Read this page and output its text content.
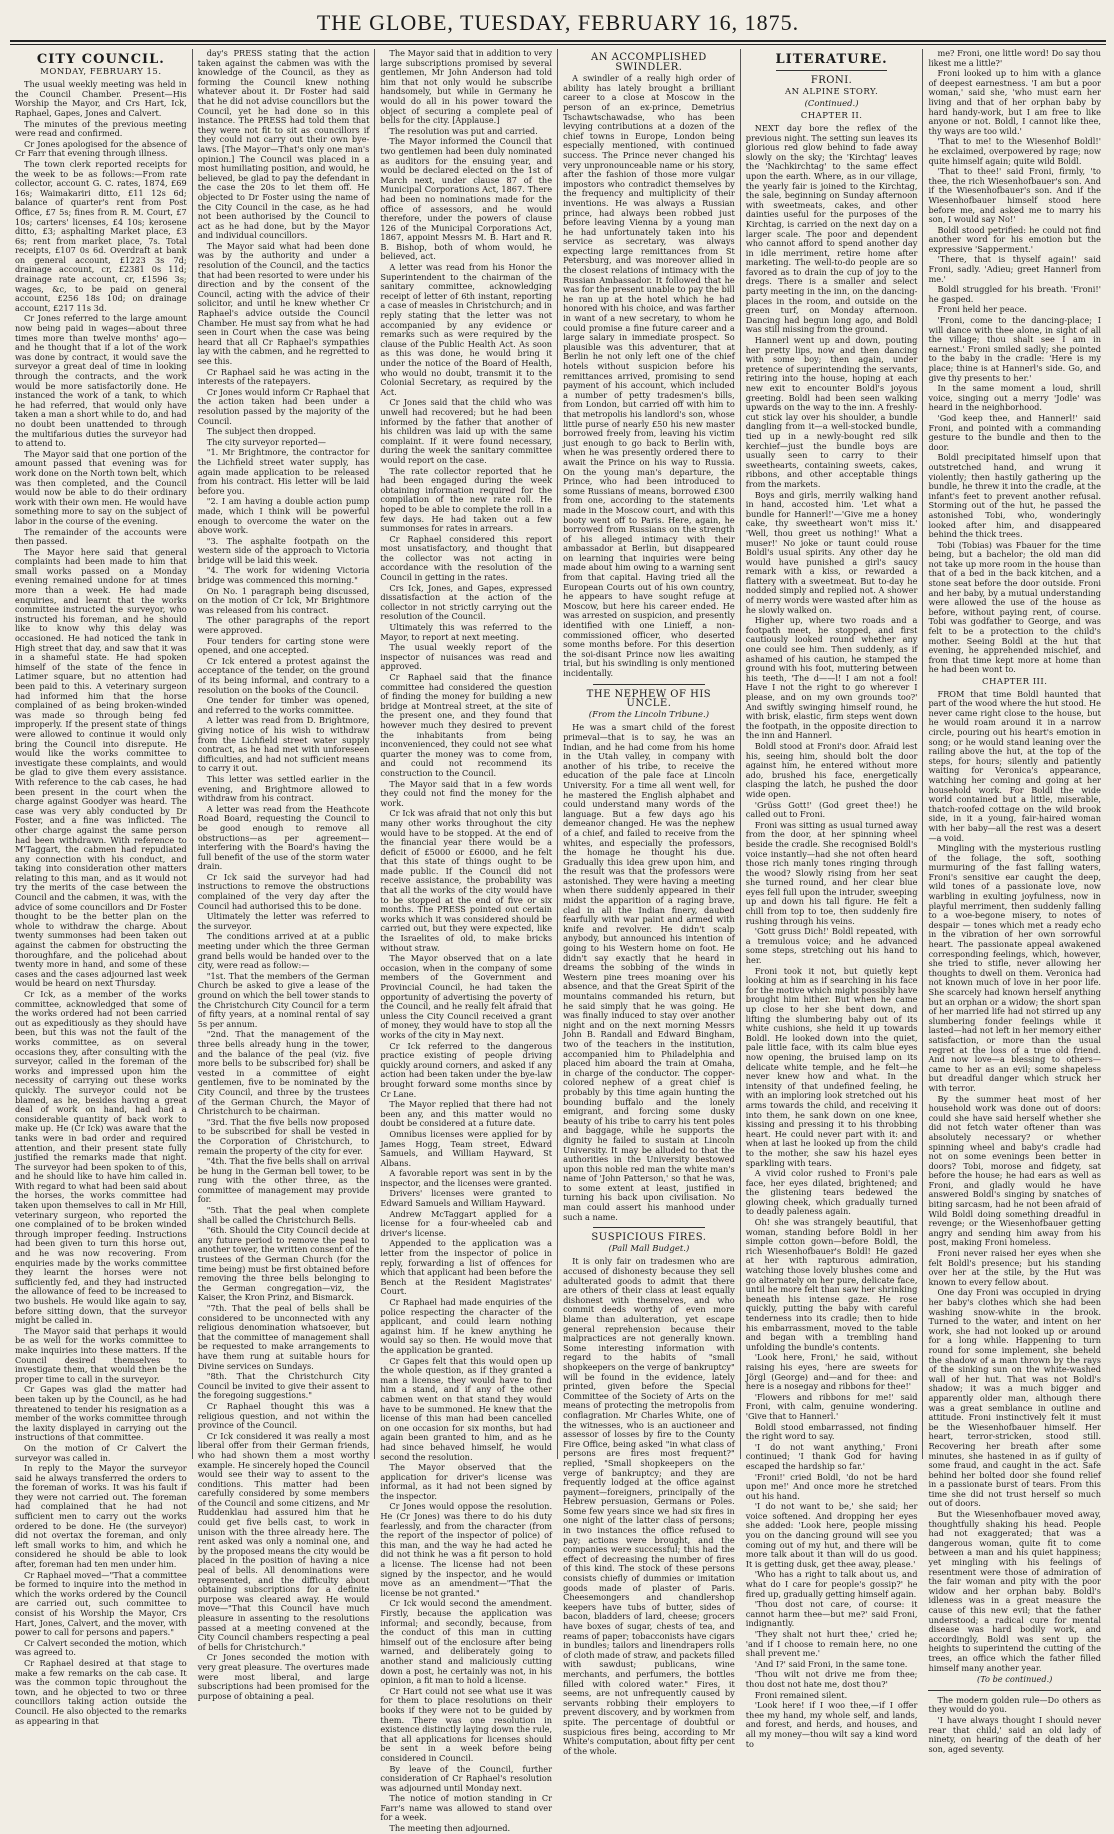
THE GLOBE, TUESDAY, FEBRUARY 16, 1875.
CITY COUNCIL.
MONDAY, FEBRUARY 15.

The usual weekly meeting was held in the Council Chamber. Present—His Worship the Mayor, and Crs Hart, Ick, Raphael, Gapes, Jones and Calvert.

The minutes of the previous meeting were read and confirmed.

Cr Jones apologised for the absence of Cr Farr that evening through illness.

The town clerk reported receipts for the week to be as follows:—From rate collector, account G. C. rates, 1874, £69 16s; Waimakariri ditto, £11 12s 6d; balance of quarter's rent from Post Office, £7 5s; fines from R. M. Court, £7 10s; carters' licenses, £4 10s; kerosene ditto, £3; asphalting Market place, £3 6s; rent from market place, 7s. Total receipts, £107 0s 6d. Overdraft at bank on general account, £1223 3s 7d; drainage account, cr, £2381 0s 11d; drainage rate account, cr, £1596 3s; wages, &c, to be paid on general account, £256 18s 10d; on drainage account, £217 11s 3d.

Cr Jones referred to the large amount now being paid in wages—about three times more than twelve months' ago—and he thought that if a lot of the work was done by contract, it would save the surveyor a great deal of time in looking through the contracts, and the work would be more satisfactorily done. He instanced the work of a tank, to which he had referred, that would only have taken a man a short while to do, and had no doubt been unattended to through the multifarious duties the surveyor had to attend to.

The Mayor said that one portion of the amount passed that evening was for work done on the North town belt, which was then completed, and the Council would now be able to do their ordinary work with their own men. He would have something more to say on the subject of labor in the course of the evening.

The remainder of the accounts were then passed.

The Mayor here said that general complaints had been made to him that small works passed on a Monday evening remained undone for at times more than a week. He had made enquiries, and learnt that the works committee instructed the surveyor, who instructed his foreman, and he should like to know why this delay was occasioned. He had noticed the tank in High street that day, and saw that it was in a shameful state. He had spoken himself of the state of the fence in Latimer square, but no attention had been paid to this. A veterinary surgeon had informed him that the horse complained of as being broken-winded was made so through being fed improperly. If the present state of things were allowed to continue it would only bring the Council into disrepute. He would like the works committee to investigate these complaints, and would be glad to give them every assistance. With reference to the cab cases, he had been present in the court when the charge against Goodyer was heard. The case was very ably conducted by Dr Foster, and a fine was inflicted. The other charge against the same person had been withdrawn. With reference to M'Taggart, the cabmen had repudiated any connection with his conduct, and taking into consideration other matters relating to this man, and as it would not try the merits of the case between the Council and the cabmen, it was, with the advice of some councillors and Dr Foster thought to be the better plan on the whole to withdraw the charge. About twenty summonses had been taken out against the cabmen for obstructing the thoroughfare, and the policehad about twenty more in hand, and some of these cases and the cases adjourned last week would be heard on next Thursday.

Cr Ick, as a member of the works committee, acknowledged that some of the works ordered had not been carried out as expeditiously as they should have been, but this was not the fault of the works committee, as on several occasions they, after consulting with the surveyor, called in the foreman of the works and impressed upon him the necessity of carrying out these works quickly. The surveyor could not be blamed, as he, besides having a great deal of work on hand, had had a considerable quantity of back work to make up. He (Cr Ick) was aware that the tanks were in bad order and required attention, and their present state fully justified the remarks made that night. The surveyor had been spoken to of this, and he should like to have him called in. With regard to what had been said about the horses, the works committee had taken upon themselves to call in Mr Hill, veterinary surgeon, who reported the one complained of to be broken winded through improper feeding. Instructions had been given to turn this horse out, and he was now recovering. From enquiries made by the works committee they learnt the horses were not sufficiently fed, and they had instructed the allowance of feed to be increased to two bushels. He would like again to say, before sitting down, that the surveyor might be called in.

The Mayor said that perhaps it would be as well for the works committee to make inquiries into these matters. If the Council desired themselves to investigate them, that would then be the proper time to call in the surveyor.

Cr Gapes was glad the matter had been taken up by the Council, as he had threatened to tender his resignation as a member of the works committee through the laxity displayed in carrying out the instructions of that committee.

On the motion of Cr Calvert the surveyor was called in.

In reply to the Mayor the surveyor said he always transferred the orders to the foreman of works. It was his fault if they were not carried out. The foreman had complained that he had not sufficient men to carry out the works ordered to be done. He (the surveyor) did not overtax the foreman, and only left small works to him, and which he considered he should be able to look after, foreman had ten men under him.

Cr Raphael moved—"That a committee be formed to inquire into the method in which the works ordered by the Council are carried out, such committee to consist of his Worship the Mayor, Crs Hart, Jones, Calvert, and the mover, with power to call for persons and papers."

Cr Calvert seconded the motion, which was agreed to.

Cr Raphael desired at that stage to make a few remarks on the cab case. It was the common topic throughout the town, and he objected to two or three councillors taking action outside the Council. He also objected to the remarks as appearing in that

day's PRESS stating that the action taken against the cabmen was with the knowledge of the Council, as they as forming the Council knew nothing whatever about it. Dr Foster had said that he did not advise councillors but the Council, yet he had done so in this instance. The PRESS had told them that they were not fit to sit as councillors if they could not carry out their own bye-laws. [The Mayor—That's only one man's opinion.] The Council was placed in a most humiliating position, and would, he believed, be glad to pay the defendant in the case the 20s to let them off. He objected to Dr Foster using the name of the City Council in the case, as he had not been authorised by the Council to act as he had done, but by the Mayor and individual councillors.

The Mayor said what had been done was by the authority and under a resolution of the Council, and the tactics that had been resorted to were under his direction and by the consent of the Council, acting with the advice of their solicitor, and until he knew whether Cr Raphael's advice outside the Council Chamber. He must say from what he had seen in Court when the case was being heard that all Cr Raphael's sympathies lay with the cabmen, and he regretted to see this.

Cr Raphael said he was acting in the interests of the ratepayers.

Cr Jones would inform Cr Raphael that the action taken had been under a resolution passed by the majority of the Council.

The subject then dropped.

The city surveyor reported—

"1. Mr Brightmore, the contractor for the Lichfield street water supply, has again made application to be released from his contract. His letter will be laid before you.

"2. I am having a double action pump made, which I think will be powerful enough to overcome the water on the above work.

"3. The asphalte footpath on the western side of the approach to Victoria bridge will be laid this week.

"4. The work for widening Victoria bridge was commenced this morning."

On No. 1 paragraph being discussed, on the motion of Cr Ick, Mr Brightmore was released from his contract.

The other paragraphs of the report were approved.

Four tenders for carting stone were opened, and one accepted.

Cr Ick entered a protest against the acceptance of the tender, on the ground of its being informal, and contrary to a resolution on the books of the Council.

One tender for timber was opened, and referred to the works committee.

A letter was read from D. Brightmore, giving notice of his wish to withdraw from the Lichfield street water supply contract, as he had met with unforeseen difficulties, and had not sufficient means to carry it out.

This letter was settled earlier in the evening, and Brightmore allowed to withdraw from his contract.

A letter was read from the Heathcote Road Board, requesting the Council to be good enough to remove all obstructions—as per agreement—interfering with the Board's having the full benefit of the use of the storm water drain.

Cr Ick said the surveyor had had instructions to remove the obstructions complained of the very day after the Council had authorised this to be done.

Ultimately the letter was referred to the surveyor.

The conditions arrived at at a public meeting under which the three German grand bells would be handed over to the city, were read as follow:—

"1st. That the members of the German Church be asked to give a lease of the ground on which the bell tower stands to the Christchurch City Council for a term of fifty years, at a nominal rental of say 5s per annum.

"2nd. That the management of the three bells already hung in the tower, and the balance of the peal (viz. five more bells to be subscribed for) shall be vested in a committee of eight gentlemen, five to be nominated by the City Council, and three by the trustees of the German Church, the Mayor of Christchurch to be chairman.

"3rd. That the five bells now proposed to be subscribed for shall be vested in the Corporation of Christchurch, to remain the property of the city for ever.

"4th. That the five bells shall on arrival be hung in the German bell tower, to be rung with the other three, as the committee of management may provide for.

"5th. That the peal when complete shall be called the Christchurch Bells.

"6th. Should the City Council decide at any future period to remove the peal to another tower, the written consent of the trustees of the German Church (for the time being) must be first obtained before removing the three bells belonging to the German congregation—viz, the Kaiser, the Kron Prinz, and Bismarck.

"7th. That the peal of bells shall be considered to be unconnected with any religious denomination whatsoever, but that the committee of management shall be requested to make arrangements to have them rung at suitable hours for Divine services on Sundays.

"8th. That the Christchurch City Council be invited to give their assent to the foregoing suggestions."

Cr Raphael thought this was a religious question, and not within the province of the Council.

Cr Ick considered it was really a most liberal offer from their German friends, who had shown them a most worthy example. He sincerely hoped the Council would see their way to assent to the conditions. This matter had been carefully considered by some members of the Council and some citizens, and Mr Ruddenklau had assured him that he could get five bells cast, to work in unison with the three already here. The rent asked was only a nominal one, and by the proposed means the city would be placed in the position of having a nice peal of bells. All denominations were represented, and the difficulty about obtaining subscriptions for a definite purpose was cleared away. He would move—"That this Council have much pleasure in assenting to the resolutions passed at a meeting convened at the City Council chambers respecting a peal of bells for Christchurch."

Cr Jones seconded the motion with very great pleasure. The overtures made were most liberal, and large subscriptions had been promised for the purpose of obtaining a peal.

The Mayor said that in addition to very large subscriptions promised by several gentlemen, Mr John Anderson had told him that not only would he subscribe handsomely, but while in Germany he would do all in his power toward the object of securing a complete peal of bells for the city. [Applause.]

The resolution was put and carried.

The Mayor informed the Council that two gentlemen had been duly nominated as auditors for the ensuing year, and would be declared elected on the 1st of March next, under clause 87 of the Municipal Corporations Act, 1867. There had been no nominations made for the office of assessors, and he would therefore, under the powers of clause 126 of the Municipal Corporations Act, 1867, appoint Messrs M. B. Hart and R. B. Bishop, both of whom would, he believed, act.

A letter was read from his Honor the Superintendent to the chairman of the sanitary committee, acknowledging receipt of letter of 6th instant, reporting a case of measles in Christchurch; and in reply stating that the letter was not accompanied by any evidence or remarks such as were required by the clause of the Public Health Act. As soon as this was done, he would bring it under the notice of the Board of Health, who would no doubt, transmit it to the Colonial Secretary, as required by the Act.

Cr Jones said that the child who was unwell had recovered; but he had been informed by the father that another of his children was laid up with the same complaint. If it were found necessary, during the week the sanitary committee would report on the case.

The rate collector reported that he had been engaged during the week obtaining information required for the compilation of the new rate roll. He hoped to be able to complete the roll in a few days. He had taken out a few summonses for rates in arrears.

Cr Raphael considered this report most unsatisfactory, and thought that the collector was not acting in accordance with the resolution of the Council in getting in the rates.

Crs Ick, Jones, and Gapes, expressed dissatisfaction at the action of the collector in not strictly carrying out the resolution of the Council.

Ultimately this was referred to the Mayor, to report at next meeting.

The usual weekly report of the inspector of nuisances was read and approved.

Cr Raphael said that the finance committee had considered the question of finding the money for building a new bridge at Montreal street, at the site of the present one, and they found that however much they desired to prevent the inhabitants from being inconvenienced, they could not see what quarter the money was to come from, and could not recommend its construction to the Council.

The Mayor said that in a few words they could not find the money for the work.

Cr Ick was afraid that not only this but many other works throughout the city would have to be stopped. At the end of the financial year there would be a deficit of £5000 or £6000, and he felt that this state of things ought to be made public. If the Council did not receive assistance, the probability was that all the works of the city would have to be stopped at the end of five or six months. The PRESS pointed out certain works which it was considered should be carried out, but they were expected, like the Israelites of old, to make bricks without straw.

The Mayor observed that on a late occasion, when in the company of some members of the Government and Provincial Council, he had taken the opportunity of advertising the poverty of the Council, and he really felt afraid that unless the City Council received a grant of money, they would have to stop all the works of the city in May next.

Cr Ick referred to the dangerous practice existing of people driving quickly around corners, and asked if any action had been taken under the bye-law brought forward some months since by Cr Lane.

The Mayor replied that there had not been any, and this matter would no doubt be considered at a future date.

Omnibus licenses were applied for by James Hogg, Team street, Edward Samuels, and William Hayward, St Albans.

A favorable report was sent in by the inspector, and the licenses were granted.

Drivers' licenses were granted to Edward Samuels and William Hayward.

Andrew McTaggart applied for a license for a four-wheeled cab and driver's license.

Appended to the application was a letter from the inspector of police in reply, forwarding a list of offences for which that applicant had been before the Bench at the Resident Magistrates' Court.

Cr Raphael had made enquiries of the police respecting the character of the applicant, and could learn nothing against him. If he knew anything he would say so then. He would move that the application be granted.

Cr Gapes felt that this would open up the whole question, as if they granted a man a license, they would have to find him a stand, and if any of the other cabmen went on that stand they would have to be summoned. He knew that the license of this man had been cancelled on one occasion for six months, but had again been granted to him, and as he had since behaved himself, he would second the resolution.

The Mayor observed that the application for driver's license was informal, as it had not been signed by the inspector.

Cr Jones would oppose the resolution. He (Cr Jones) was there to do his duty fearlessly, and from the character (from the report of the inspector of police) of this man, and the way he had acted he did not think he was a fit person to hold a license. The license had not been signed by the inspector, and he would move as an amendment—"That the license be not granted."

Cr Ick would second the amendment. Firstly, because the application was informal; and secondly, because, from the conduct of this man in cutting himself out of the enclosure after being warned, and deliberately going to another stand and maliciously cutting down a post, he certainly was not, in his opinion, a fit man to hold a license.

Cr Hart could not see what use it was for them to place resolutions on their books if they were not to be guided by them. There was one resolution in existence distinctly laying down the rule, that all applications for licenses should be sent in a week before being considered in Council.

By leave of the Council, further consideration of Cr Raphael's resolution was adjourned until Monday next.

The notice of motion standing in Cr Farr's name was allowed to stand over for a week.

The meeting then adjourned.

AN ACCOMPLISHED SWINDLER.

A swindler of a really high order of ability has lately brought a brilliant career to a close at Moscow in the person of an ex-prince, Demetrius Tschawtschawadse, who has been levying contributions at a dozen of the chief towns in Europe, London being especially mentioned, with continued success. The Prince never changed his very unpronounceable name or his story, after the fashion of those more vulgar impostors who contradict themselves by the frequency and multiplicity of their inventions. He was always a Russian prince, had always been robbed just before leaving Vienna by a young man he had unfortunately taken into his service as secretary, was always expecting large remittances from St Petersburg, and was moreover allied in the closest relations of intimacy with the Russian Ambassador. It followed that he was for the present unable to pay the bill he ran up at the hotel which he had honored with his choice, and was farther in want of a new secretary, to whom he could promise a fine future career and a large salary in immediate prospect. So plausible was this adventurer, that at Berlin he not only left one of the chief hotels without suspicion before his remittances arrived, promising to send payment of his account, which included a number of petty tradesmen's bills, from London, but carried off with him to that metropolis his landlord's son, whose little purse of nearly £50 his new master borrowed freely from, leaving his victim just enough to go back to Berlin with, when he was presently ordered there to await the Prince on his way to Russia. On the young man's departure, the Prince, who had been introduced to some Russians of means, borrowed £300 from one, according to the statements made in the Moscow court, and with this booty went off to Paris. Here, again, he borrowed from Russians on the strength of his alleged intimacy with their ambassador at Berlin, but disappeared on learning that inquiries were being made about him owing to a warning sent from that capital. Having tried all the European Courts out of his own country, he appears to have sought refuge at Moscow, but here his career ended. He was arrested on suspicion, and presently identified with one Linieff, a non-commissioned officer, who deserted some months before. For this desertion the soi-disant Prince now lies awaiting trial, but his swindling is only mentioned incidentally.

THE NEPHEW OF HIS UNCLE.
(From the Lincoln Tribune.)

He was a smart child of the forest primeval—that is to say, he was an Indian, and he had come from his home in the Utah valley, in company with another of his tribe, to receive the education of the pale face at Lincoln University. For a time all went well, for he mastered the English alphabet and could understand many words of the language. But a few days ago his demeanor changed. He was the nephew of a chief, and failed to receive from the whites, and especially the professors, the homage he thought his due. Gradually this idea grew upon him, and the result was that the professors were astonished. They were having a meeting when there suddenly appeared in their midst the apparition of a raging brave, clad in all the Indian finery, daubed fearfully with war paint and armed with knife and revolver. He didn't scalp anybody, but announced his intention of going to his Western home on foot. He didn't say exactly that he heard in dreams the sobbing of the winds in Western pine trees moaning over his absence, and that the Great Spirit of the mountains commanded his return, but he said simply that he was going. He was finally induced to stay over another night and on the next morning Messrs John B. Randall and Edward Bingham, two of the teachers in the institution, accompanied him to Philadelphia and placed him aboard the train at Omaha, in charge of the conductor. The copper-colored nephew of a great chief is probably by this time again hunting the bounding buffalo and the lonely emigrant, and forcing some dusky beauty of his tribe to carry his tent poles and baggage, while he supports the dignity he failed to sustain at Lincoln University. It may be alluded to that the authorities in the University bestowed upon this noble red man the white man's name of 'John Patterson,' so that he was, to some extent at least, justified in turning his back upon civilisation. No man could assert his manhood under such a name.

SUSPICIOUS FIRES.
(Pall Mall Budget.)

It is only fair on tradesmen who are accused of dishonesty because they sell adulterated goods to admit that there are others of their class at least equally dishonest with themselves, and who commit deeds worthy of even more blame than adulteration, yet escape general reprehension because their malpractices are not generally known. Some interesting information with regard to the habits of "small shopkeepers on the verge of bankruptcy" will be found in the evidence, lately printed, given before the Special Committee of the Society of Arts on the means of protecting the metropolis from conflagration. Mr Charles White, one of the witnesses, who is an auctioneer and assessor of losses by fire to the County Fire Office, being asked "in what class of persons are fires most frequent?" replied, "Small shopkeepers on the verge of bankruptcy; and they are frequently lodged at the office against payment—foreigners, principally of the Hebrew persuasion, Germans or Poles. Some few years since we had six fires in one night of the latter class of persons; in two instances the office refused to pay; actions were brought, and the companies were successful; this had the effect of decreasing the number of fires of this kind. The stock of these persons consists chiefly of dummies or imitation goods made of plaster of Paris. Cheesemongers and chandlershop keepers have tubs of butter, sides of bacon, bladders of lard, cheese; grocers have boxes of sugar, chests of tea, and reams of paper; tobacconists have cigars in bundles; tailors and linendrapers rolls of cloth made of straw, and packets filled with sawdust; publicans, wine merchants, and perfumers, the bottles filled with colored water." Fires, it seems, are not unfrequently caused by servants robbing their employers to prevent discovery, and by workmen from spite. The percentage of doubtful or suspicious fires being, according to Mr White's computation, about fifty per cent of the whole.

LITERATURE.
FRONI.
AN ALPINE STORY.
(Continued.)
CHAPTER II.

NEXT day bore the reflex of the previous night. The setting sun leaves its glorious red glow behind to fade away slowly on the sky; the 'Kirchtag' leaves the 'Nachkirchtag' to the same effect upon the earth. Where, as in our village, the yearly fair is joined to the Kirchtag, the sale, beginning on Sunday afternoon with sweetmeats, cakes, and other dainties useful for the purposes of the Kirchtag, is carried on the next day on a larger scale. The poor and dependent who cannot afford to spend another day in idle merriment, retire home after marketing. The well-to-do people are so favored as to drain the cup of joy to the dregs. There is a smaller and select party meeting in the inn, on the dancing-places in the room, and outside on the green turf, on Monday afternoon. Dancing had begun long ago, and Boldl was still missing from the ground.

Hannerl went up and down, pouting her pretty lips, now and then dancing with some boy; then again, under pretence of superintending the servants, retiring into the house, hoping at each new exit to encounter Boldl's joyous greeting. Boldl had been seen walking upwards on the way to the inn. A freshly-cut stick lay over his shoulder, a bundle dangling from it—a well-stocked bundle, tied up in a newly-bought red silk kerchief—just the bundle boys are usually seen to carry to their sweethearts, containing sweets, cakes, ribbons, and other acceptable things from the markets.

Boys and girls, merrily walking hand in hand, accosted him. 'Let what a bundle for Hannerl!'—'Give me a honey cake, thy sweetheart won't miss it.' 'Well, thou greet us nothing!' What a muser!' No joke or taunt could rouse Boldl's usual spirits. Any other day he would have punished a girl's saucy remark with a kiss, or rewarded a flattery with a sweetmeat. But to-day he nodded simply and replied not. A shower of merry words were wasted after him as he slowly walked on.

Higher up, where two roads and a footpath meet, he stopped, and first cautiously looked round whether any one could see him. Then suddenly, as if ashamed of his caution, he stamped the ground with his foot, muttering between his teeth, 'The d——l! I am not a fool! Have I not the right to go wherever I please, and on my own grounds too?' And swiftly swinging himself round, he with brisk, elastic, firm steps went down the footpath, in the opposite direction to the inn and Hannerl.

Boldl stood at Froni's door. Afraid lest his, seeing him, should bolt the door against him, he entered without more ado, brushed his face, energetically clasping the latch, he pushed the door wide open.

'Grüss Gott!' (God greet thee!) he called out to Froni.

Froni was sitting as usual turned away from the door, at her spinning wheel beside the cradle. She recognised Boldl's voice instantly—had she not often heard those rich manly tones ringing through the wood? Slowly rising from her seat she turned round, and her clear blue eyes fell full upon the intruder, sweeping up and down his tall figure. He felt a chill from top to toe, then suddenly fire rushing through his veins.

'Gott gruss Dich!' Boldl repeated, with a tremulous voice; and he advanced some steps, stretching out his hand to her.

Froni took it not, but quietly kept looking at him as if searching in his face for the motive which might possibly have brought him hither. But when he came up close to her she bent down, and lifting the slumbering baby out of its white cushions, she held it up towards Boldl. He looked down into the quiet, pale little face, with its calm blue eyes now opening, the bruised lamp on its delicate white temple, and he felt—he never knew how and what. In the intensity of that undefined feeling, he with an imploring look stretched out his arms towards the child, and receiving it into them, he sank down on one knee, kissing and pressing it to his throbbing heart. He could never part with it: and when at last he looked up from the child to the mother, she saw his hazel eyes sparkling with tears.

A vivid color rushed to Froni's pale face, her eyes dilated, brightened; and the glistening tears bedewed the glowing cheek, which gradually turned to deadly paleness again.

Oh! she was strangely beautiful, that woman, standing before Boldl in her simple cotton gown—before Boldl, the rich Wiesenhofbauer's Boldl! He gazed at her with rapturous admiration, watching those lovely blushes come and go alternately on her pure, delicate face, until he more felt than saw her shrinking beneath his intense gaze. He rose quickly, putting the baby with careful tenderness into its cradle; then to hide his embarrassment, moved to the table and began with a trembling hand unfolding the bundle's contents.

'Look here, Froni,' he said, without raising his eyes, 'here are sweets for Jörgl (George) and—and for thee: and here is a nosegay and ribbons for thee!'

'Flowers and ribbons for me!' said Froni, with calm, genuine wondering. 'Give that to Hannerl.'

Boldl stood embarrassed, not finding the right word to say.

'I do not want anything,' Froni continued; 'I thank God for having escaped the hardship so far.'

'Froni!' cried Boldl, 'do not be hard upon me!' And once more he stretched out his hand.

'I do not want to be,' she said; her voice softened. And dropping her eyes she added: 'Look here, people missing you on the dancing ground will see you coming out of my hut, and there will be more talk about it than will do us good. It is getting dusk, get thee away, please.'

'Who has a right to talk about us, and what do I care for people's gossip?' he fired up, gradually getting himself again.

'Thou dost not care, of course: it cannot harm thee—but me?' said Froni, indignantly.

'They shalt not hurt thee,' cried he; 'and if I choose to remain here, no one shall prevent me.'

'And I?' said Froni, in the same tone.

'Thou wilt not drive me from thee; thou dost not hate me, dost thou?'

Froni remained silent.

'Look here! if I woo thee,—if I offer thee my hand, my whole self, and lands, and forest, and herds, and houses, and all my money—thou wilt say a kind word to

me? Froni, one little word! Do say thou likest me a little?'

Froni looked up to him with a glance of deepest earnestness. 'I am but a poor woman,' said she, 'who must earn her living and that of her orphan baby by hard handy-work, but I am free to like anyone or not. Boldl, I cannot like thee, thy ways are too wild.'

'That to me! to the Wiesenhof Boldl!' he exclaimed, overpowered by rage; now quite himself again; quite wild Boldl.

'That to thee!' said Froni, firmly, 'to thee, the rich Wiesenhofbauer's son. And if the Wiesenhofbauer's son. And if the Wiesenhofbauer himself stood here before me, and asked me to marry his son, I would say No!'

Boldl stood petrified: he could not find another word for his emotion but the expressive 'Sapperment.'

'There, that is thyself again!' said Froni, sadly. 'Adieu; greet Hannerl from me.'

Boldl struggled for his breath. 'Froni!' he gasped.

Froni held her peace.

'Froni, come to the dancing-place; I will dance with thee alone, in sight of all the village; thou shalt see I am in earnest.' Froni smiled sadly; she pointed to the baby in the cradle: 'Here is my place; thine is at Hannerl's side. Go, and give thy presents to her.'

In the same moment a loud, shrill voice, singing out a merry 'Jodle' was heard in the neighborhood.

'God keep thee, and Hannerl!' said Froni, and pointed with a commanding gesture to the bundle and then to the door.

Boldl precipitated himself upon that outstretched hand, and wrung it violently; then hastily gathering up the bundle, he threw it into the cradle, at the infant's feet to prevent another refusal. Storming out of the hut, he passed the astonished Tobi, who, wonderingly looked after him, and disappeared behind the thick trees.

Tobi (Tobias) was Fbauer for the time being, but a bachelor; the old man did not take up more room in the house than that of a bed in the back kitchen, and a stone seat before the door outside. Froni and her baby, by a mutual understanding were allowed the use of the house as before, without paying rent, of course. Tobi was godfather to George, and was felt to be a protection to the child's mother. Seeing Boldl at the hut that evening, he apprehended mischief, and from that time kept more at home than he had been wont to.

CHAPTER III.

FROM that time Boldl haunted that part of the wood where the hut stood. He never came right close to the house, but he would roam around it in a narrow circle, pouring out his heart's emotion in song; or he would stand leaning over the railing above the hut, at the top of the steps, for hours; silently and patiently waiting for Veronica's appearance, watching her coming and going at her household work. For Boldl the wide world contained but a little, miserable, thatch-roofed cottage on the wild brook side, in it a young, fair-haired woman with her baby—all the rest was a desert—a void.

Mingling with the mysterious rustling of the foliage, the soft, soothing murmuring of the fast falling waters, Froni's sensitive ear caught the deep, wild tones of a passionate love, now warbling in exulting joyfulness, now in playful merriment, then suddenly falling to a woe-begone misery, to notes of despair — tones which met a ready echo in the vibration of her own sorrowful heart. The passionate appeal awakened corresponding feelings, which, however, she tried to stifle, never allowing her thoughts to dwell on them. Veronica had not known much of love in her poor life. She scarcely had known herself anything but an orphan or a widow; the short span of her married life had not stirred up any slumbering fonder feelings while it lasted—had not left in her memory either satisfaction, or more than the usual regret at the loss of a true old friend. And now love—a blessing to others—came to her as an evil; some shapeless but dreadful danger which struck her with terror.

By the summer heat most of her household work was done out of doors: could she have said herself whether she did not fetch water oftener than was absolutely necessary? or whether spinning wheel and baby's cradle had not on some evenings been better in doors? Tobi, morose and fidgety, sat before the house; he had ears as well as Froni, and gladly would he have answered Boldl's singing by snatches of biting sarcasm, had he not been afraid of Wild Boldl doing something dreadful in revenge; or the Wiesenhofbauer getting angry and sending him away from his post, making Froni homeless.

Froni never raised her eyes when she felt Boldl's presence; but his standing over her at the stile, by the Hut was known to every fellow about.

One day Froni was occupied in drying her baby's clothes which she had been washing snow-white in the brook. Turned to the water, and intent on her work, she had not looked up or around for a long while. Happening to turn round for some implement, she beheld the shadow of a man thrown by the rays of the sinking sun on the white-washed wall of her hut. That was not Boldl's shadow; it was a much bigger and apparently older man, although there was a great semblance in outline and attitude. Froni instinctively felt it must be the Wiesenhofbauer himself. Her heart, terror-stricken, stood still. Recovering her breath after some minutes, she hastened in as if guilty of some fraud, and caught in the act. Safe behind her bolted door she found relief in a passionate burst of tears. From this time she did not trust herself so much out of doors.

But the Wiesenhofbauer moved away, thoughtfully shaking his head. People had not exaggerated; that was a dangerous woman, quite fit to come between a man and his quiet happiness; yet mingling with his feelings of resentment were those of admiration of the fair woman and pity with the poor widow and her orphan baby. Boldl's idleness was in a great measure the cause of this new evil; that the father understood; a radical cure for mental disease was hard bodily work, and accordingly, Boldl was sent up the heights to superintend the cutting of the trees, an office which the father filled himself many another year.

(To be continued.)

The modern golden rule—Do others as they would do you.

'I have always thought I should never rear that child,' said an old lady of ninety, on hearing of the death of her son, aged seventy.
